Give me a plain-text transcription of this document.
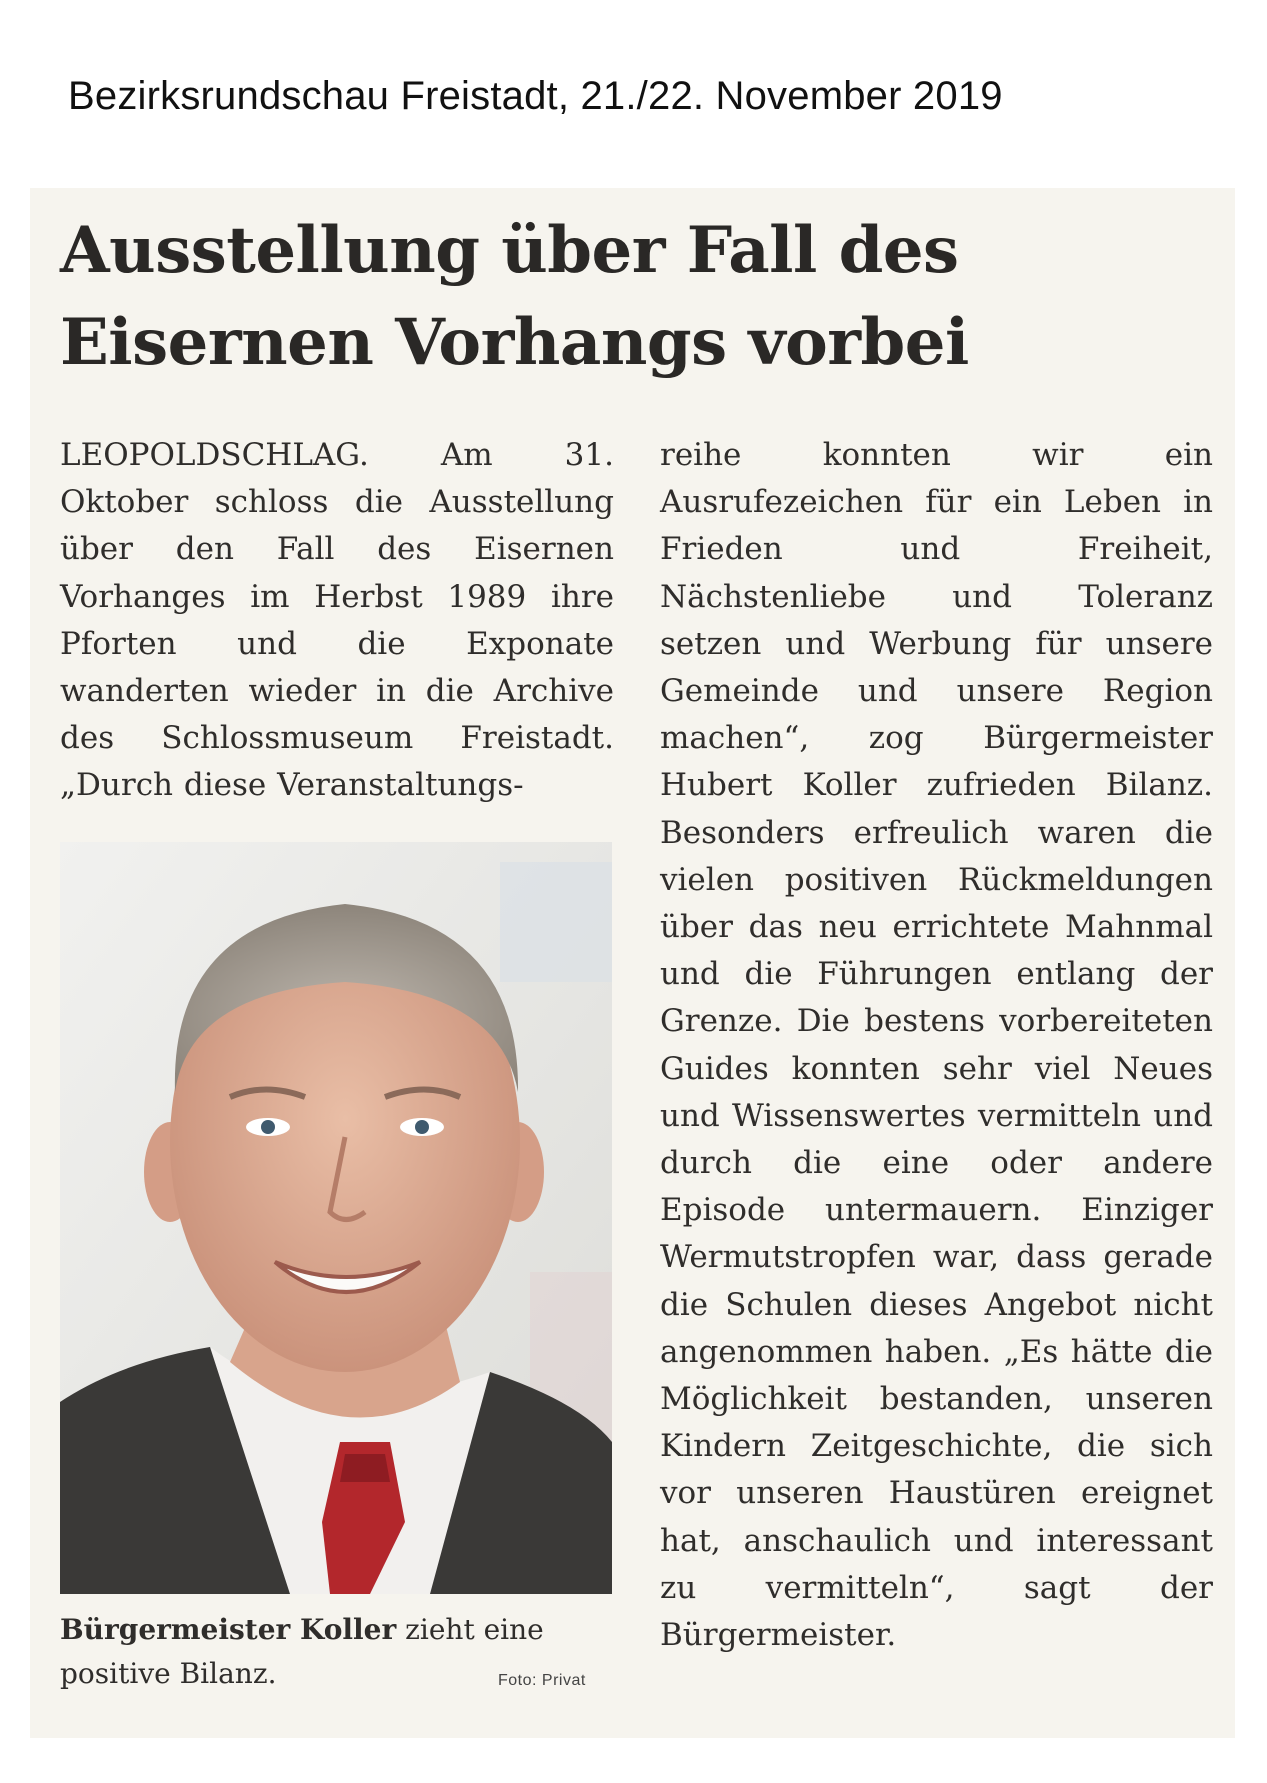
Bezirksrundschau Freistadt, 21./22. November 2019
Ausstellung über Fall des Eisernen Vorhangs vorbei
LEOPOLDSCHLAG. Am 31. Oktober schloss die Ausstellung über den Fall des Eisernen Vorhanges im Herbst 1989 ihre Pforten und die Exponate wanderten wieder in die Archive des Schlossmuseum Freistadt. „Durch diese Veranstaltungs-
Bürgermeister Koller zieht eine positive Bilanz.	Foto: Privat
reihe konnten wir ein Ausrufezeichen für ein Leben in Frieden und Freiheit, Nächstenliebe und Toleranz setzen und Werbung für unsere Gemeinde und unsere Region machen“, zog Bürgermeister Hubert Koller zufrieden Bilanz. Besonders erfreulich waren die vielen positiven Rückmeldungen über das neu errichtete Mahnmal und die Führungen entlang der Grenze. Die bestens vorbereiteten Guides konnten sehr viel Neues und Wissenswertes vermitteln und durch die eine oder andere Episode untermauern. Einziger Wermutstropfen war, dass gerade die Schulen dieses Angebot nicht angenommen haben. „Es hätte die Möglichkeit bestanden, unseren Kindern Zeitgeschichte, die sich vor unseren Haustüren ereignet hat, anschaulich und interessant zu vermitteln“, sagt der Bürgermeister.
